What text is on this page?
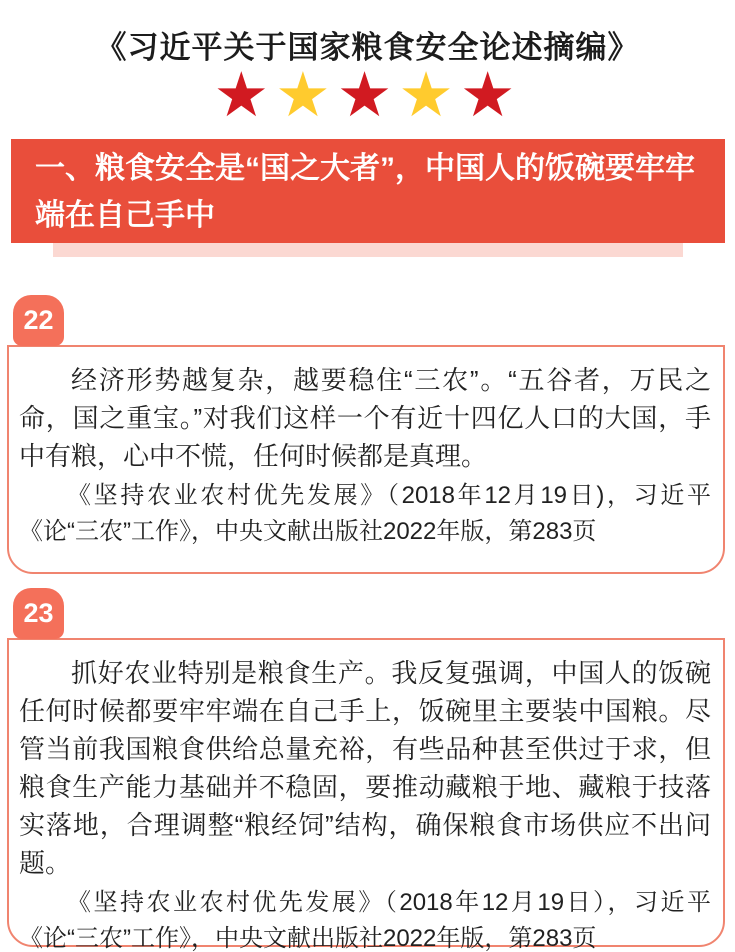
《习近平关于国家粮食安全论述摘编》
★★★★★
一、粮食安全是“国之大者”，中国人的饭碗要牢牢端在自己手中
22

经济形势越复杂，越要稳住“三农”。“五谷者，万民之命，国之重宝。”对我们这样一个有近十四亿人口的大国，手中有粮，心中不慌，任何时候都是真理。

《坚持农业农村优先发展》（2018年12月19日)，习近平《论“三农”工作》，中央文献出版社2022年版，第283页

23

抓好农业特别是粮食生产。我反复强调，中国人的饭碗任何时候都要牢牢端在自己手上，饭碗里主要装中国粮。尽管当前我国粮食供给总量充裕，有些品种甚至供过于求，但粮食生产能力基础并不稳固，要推动藏粮于地、藏粮于技落实落地，合理调整“粮经饲”结构，确保粮食市场供应不出问题。

《坚持农业农村优先发展》（2018年12月19日），习近平《论“三农”工作》，中央文献出版社2022年版，第283页
